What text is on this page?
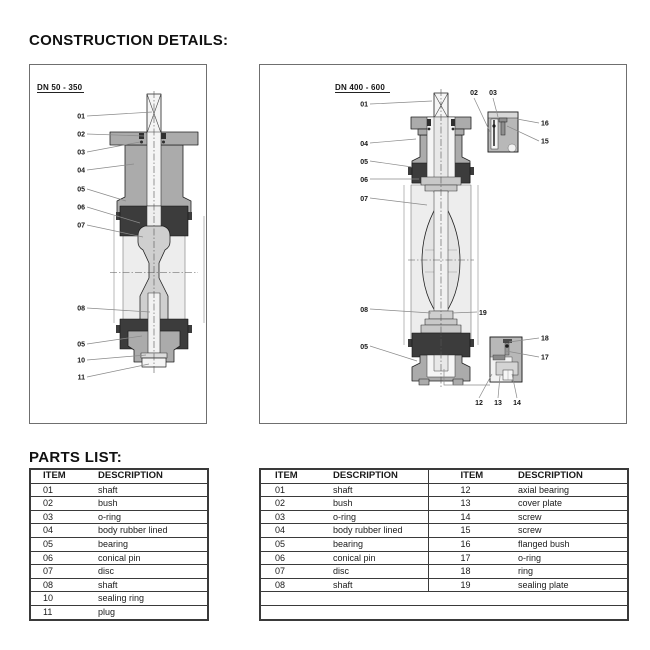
CONSTRUCTION DETAILS:
DN 50 - 350
01
02
03
04
05
06
07
08
05
10
11
DN 400 - 600
01
04
05
06
07
08
05
19
02 03
12 13 14
16
15
18
17
PARTS LIST:
ITEM	DESCRIPTION
01	shaft
02	bush
03	o-ring
04	body rubber lined
05	bearing
06	conical pin
07	disc
08	shaft
10	sealing ring
11	plug
ITEM	DESCRIPTION	ITEM	DESCRIPTION
01	shaft	12	axial bearing
02	bush	13	cover plate
03	o-ring	14	screw
04	body rubber lined	15	screw
05	bearing	16	flanged bush
06	conical pin	17	o-ring
07	disc	18	ring
08	shaft	19	sealing plate
